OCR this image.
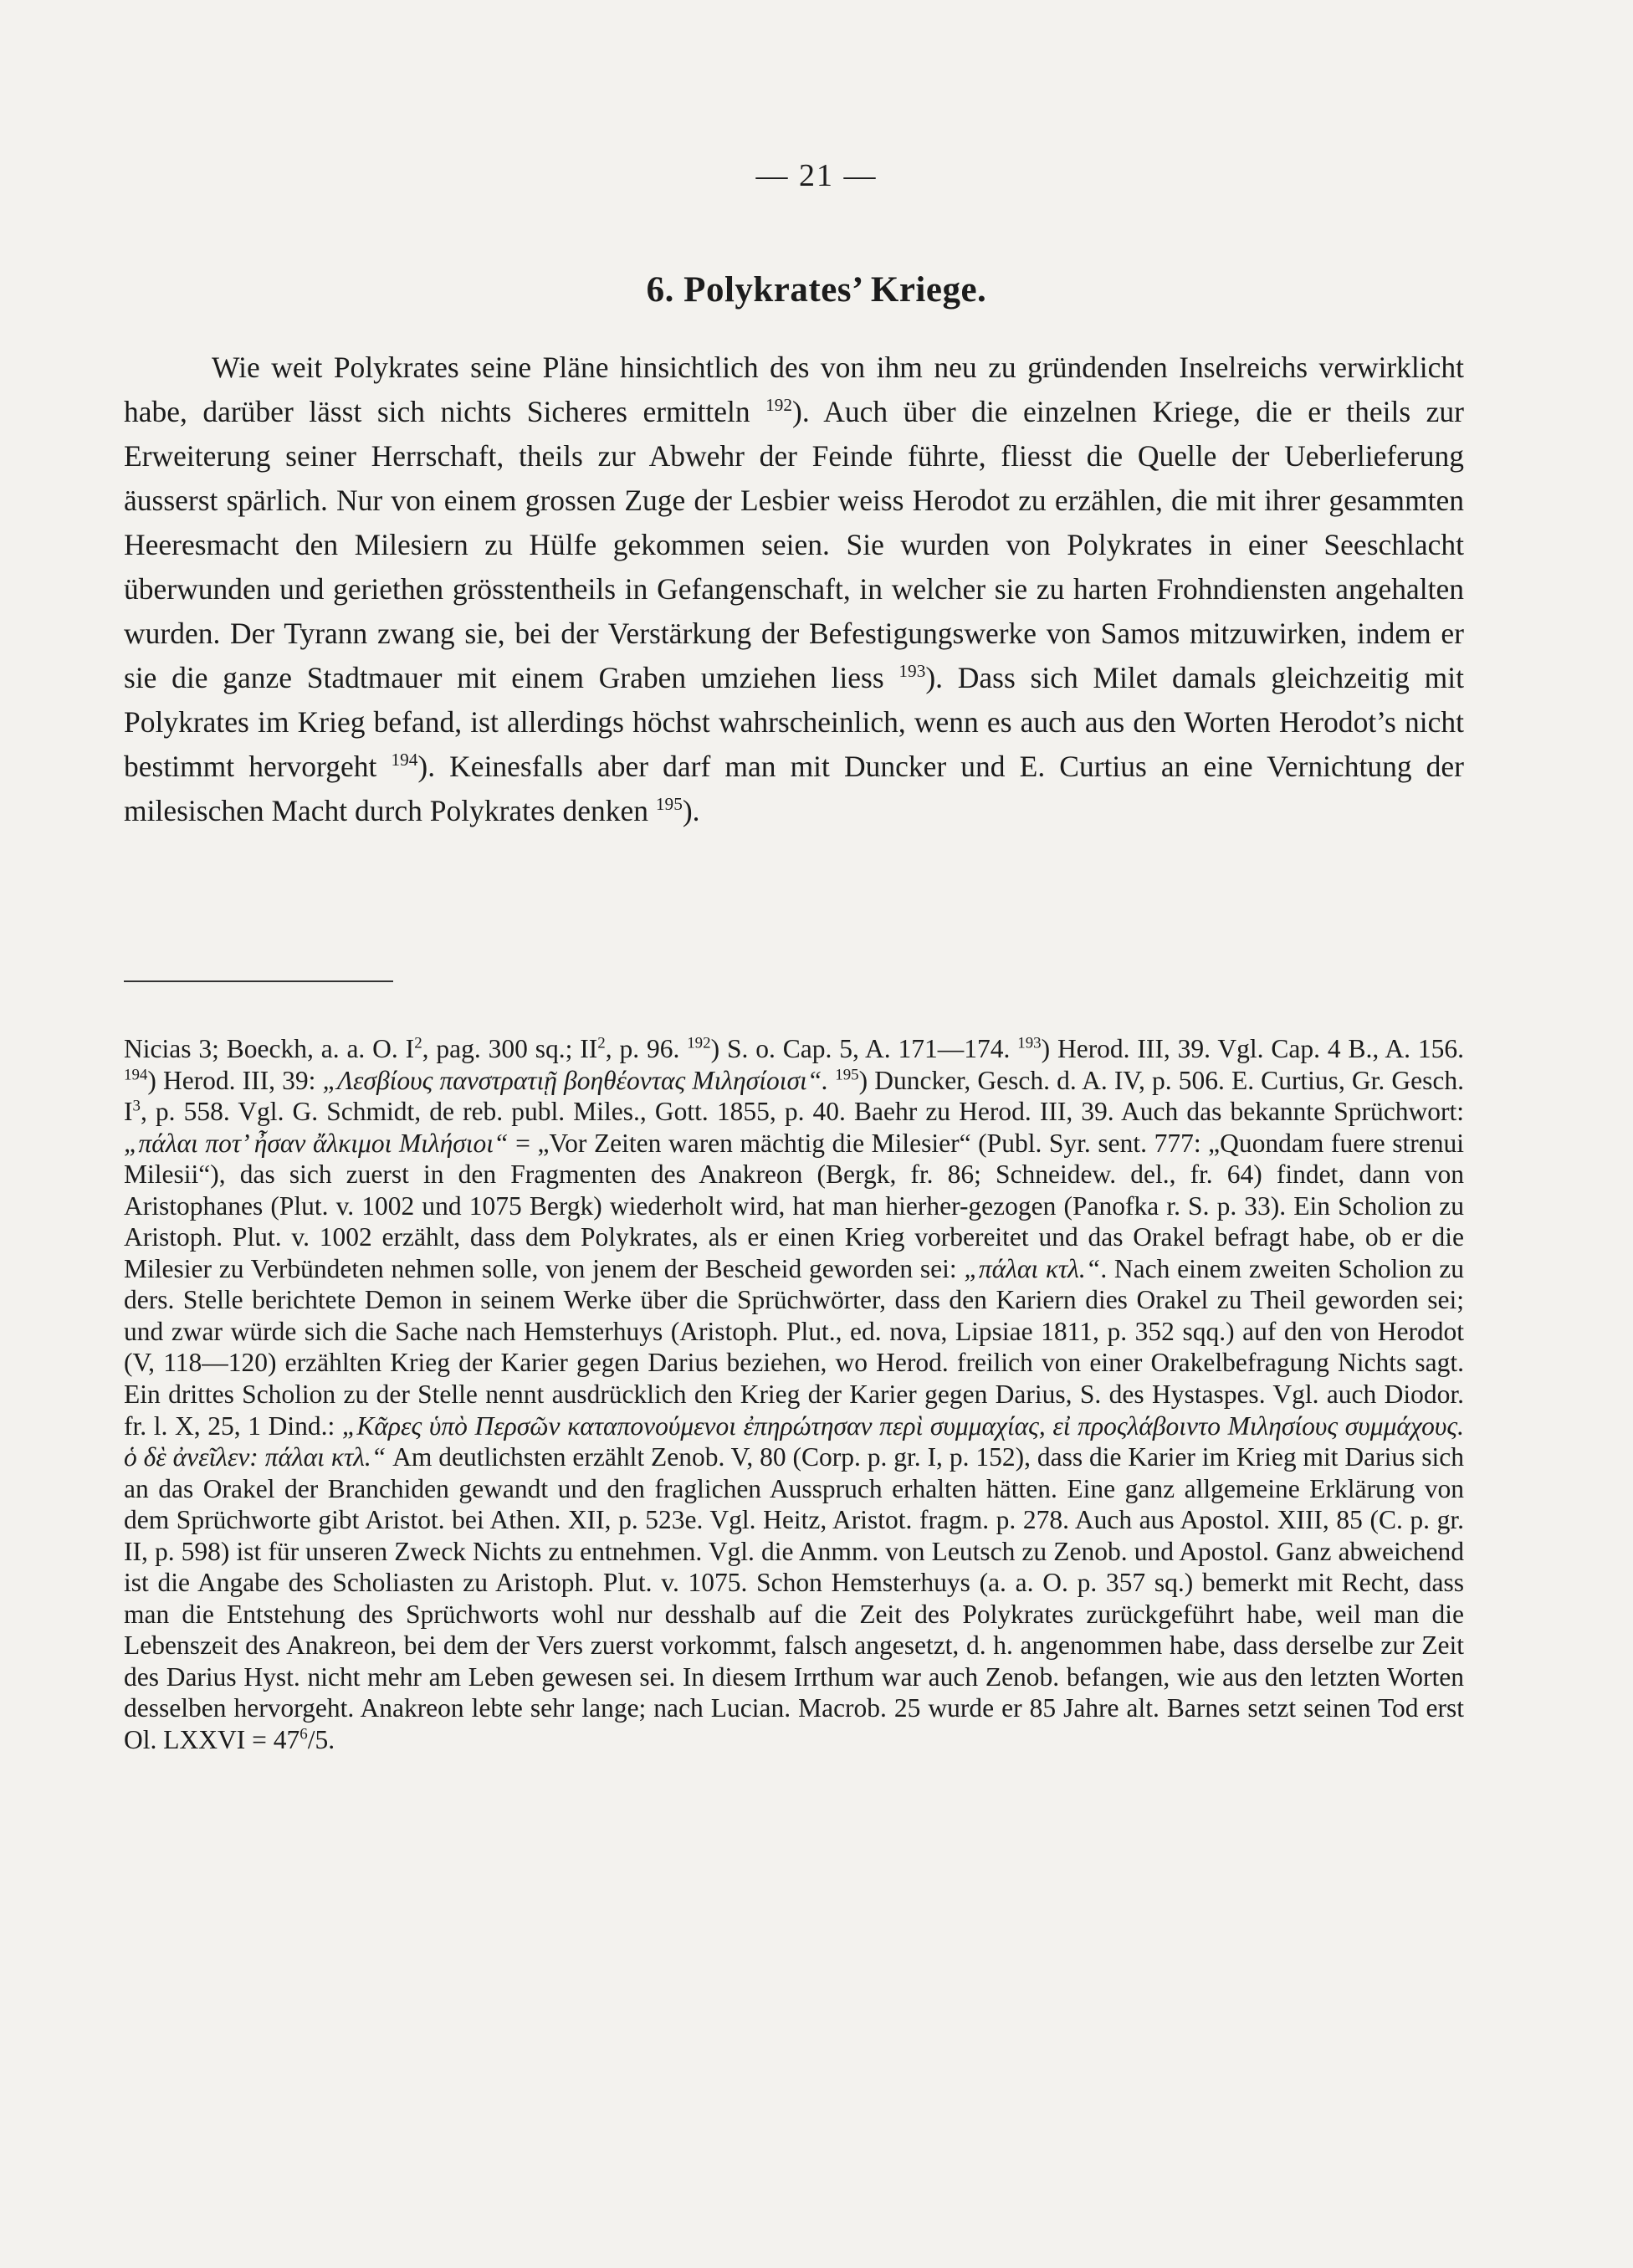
— 21 —
6. Polykrates’ Kriege.

Wie weit Polykrates seine Pläne hinsichtlich des von ihm neu zu gründenden Inselreichs verwirklicht habe, darüber lässt sich nichts Sicheres ermitteln $^{192}$). Auch über die einzelnen Kriege, die er theils zur Erweiterung seiner Herrschaft, theils zur Abwehr der Feinde führte, fliesst die Quelle der Ueberlieferung äusserst spärlich. Nur von einem grossen Zuge der Lesbier weiss Herodot zu erzählen, die mit ihrer gesammten Heeresmacht den Milesiern zu Hülfe gekommen seien. Sie wurden von Polykrates in einer Seeschlacht überwunden und geriethen grösstentheils in Gefangenschaft, in welcher sie zu harten Frohndiensten angehalten wurden. Der Tyrann zwang sie, bei der Verstärkung der Befestigungswerke von Samos mitzuwirken, indem er sie die ganze Stadtmauer mit einem Graben umziehen liess $^{193}$). Dass sich Milet damals gleichzeitig mit Polykrates im Krieg befand, ist allerdings höchst wahrscheinlich, wenn es auch aus den Worten Herodot’s nicht bestimmt hervorgeht $^{194}$). Keinesfalls aber darf man mit Duncker und E. Curtius an eine Vernichtung der milesischen Macht durch Polykrates denken $^{195}$).

Nicias 3; Boeckh, a. a. O. $I^2$, pag. 300 sq.; $II^2$, p. 96. $^{192}$) S. o. Cap. 5, A. 171—174. $^{193}$) Herod. III, 39. Vgl. Cap. 4 B., A. 156. $^{194}$) Herod. III, 39: „Λεσβίους πανστρατιῇ βοηθέοντας Μιλησίοισι“. $^{195}$) Duncker, Gesch. d. A. IV, p. 506. E. Curtius, Gr. Gesch. $I^3$, p. 558. Vgl. G. Schmidt, de reb. publ. Miles., Gott. 1855, p. 40. Baehr zu Herod. III, 39. Auch das bekannte Sprüchwort: „πάλαι ποτ’ ἦσαν ἄλκιμοι Μιλήσιοι“ = „Vor Zeiten waren mächtig die Milesier“ (Publ. Syr. sent. 777: „Quondam fuere strenui Milesii“), das sich zuerst in den Fragmenten des Anakreon (Bergk, fr. 86; Schneidew. del., fr. 64) findet, dann von Aristophanes (Plut. v. 1002 und 1075 Bergk) wiederholt wird, hat man hierher-gezogen (Panofka r. S. p. 33). Ein Scholion zu Aristoph. Plut. v. 1002 erzählt, dass dem Polykrates, als er einen Krieg vorbereitet und das Orakel befragt habe, ob er die Milesier zu Verbündeten nehmen solle, von jenem der Bescheid geworden sei: „πάλαι κτλ.“. Nach einem zweiten Scholion zu ders. Stelle berichtete Demon in seinem Werke über die Sprüchwörter, dass den Kariern dies Orakel zu Theil geworden sei; und zwar würde sich die Sache nach Hemsterhuys (Aristoph. Plut., ed. nova, Lipsiae 1811, p. 352 sqq.) auf den von Herodot (V, 118—120) erzählten Krieg der Karier gegen Darius beziehen, wo Herod. freilich von einer Orakelbefragung Nichts sagt. Ein drittes Scholion zu der Stelle nennt ausdrücklich den Krieg der Karier gegen Darius, S. des Hystaspes. Vgl. auch Diodor. fr. l. X, 25, 1 Dind.: „Κᾶρες ὑπὸ Περσῶν καταπονούμενοι ἐπηρώτησαν περὶ συμμαχίας, εἰ προςλάβοιντο Μιλησίους συμμάχους. ὁ δὲ ἀνεῖλεν: πάλαι κτλ.“ Am deutlichsten erzählt Zenob. V, 80 (Corp. p. gr. I, p. 152), dass die Karier im Krieg mit Darius sich an das Orakel der Branchiden gewandt und den fraglichen Ausspruch erhalten hätten. Eine ganz allgemeine Erklärung von dem Sprüchworte gibt Aristot. bei Athen. XII, p. 523e. Vgl. Heitz, Aristot. fragm. p. 278. Auch aus Apostol. XIII, 85 (C. p. gr. II, p. 598) ist für unseren Zweck Nichts zu entnehmen. Vgl. die Anmm. von Leutsch zu Zenob. und Apostol. Ganz abweichend ist die Angabe des Scholiasten zu Aristoph. Plut. v. 1075. Schon Hemsterhuys (a. a. O. p. 357 sq.) bemerkt mit Recht, dass man die Entstehung des Sprüchworts wohl nur desshalb auf die Zeit des Polykrates zurückgeführt habe, weil man die Lebenszeit des Anakreon, bei dem der Vers zuerst vorkommt, falsch angesetzt, d. h. angenommen habe, dass derselbe zur Zeit des Darius Hyst. nicht mehr am Leben gewesen sei. In diesem Irrthum war auch Zenob. befangen, wie aus den letzten Worten desselben hervorgeht. Anakreon lebte sehr lange; nach Lucian. Macrob. 25 wurde er 85 Jahre alt. Barnes setzt seinen Tod erst Ol. LXXVI = $47^6/5$.
